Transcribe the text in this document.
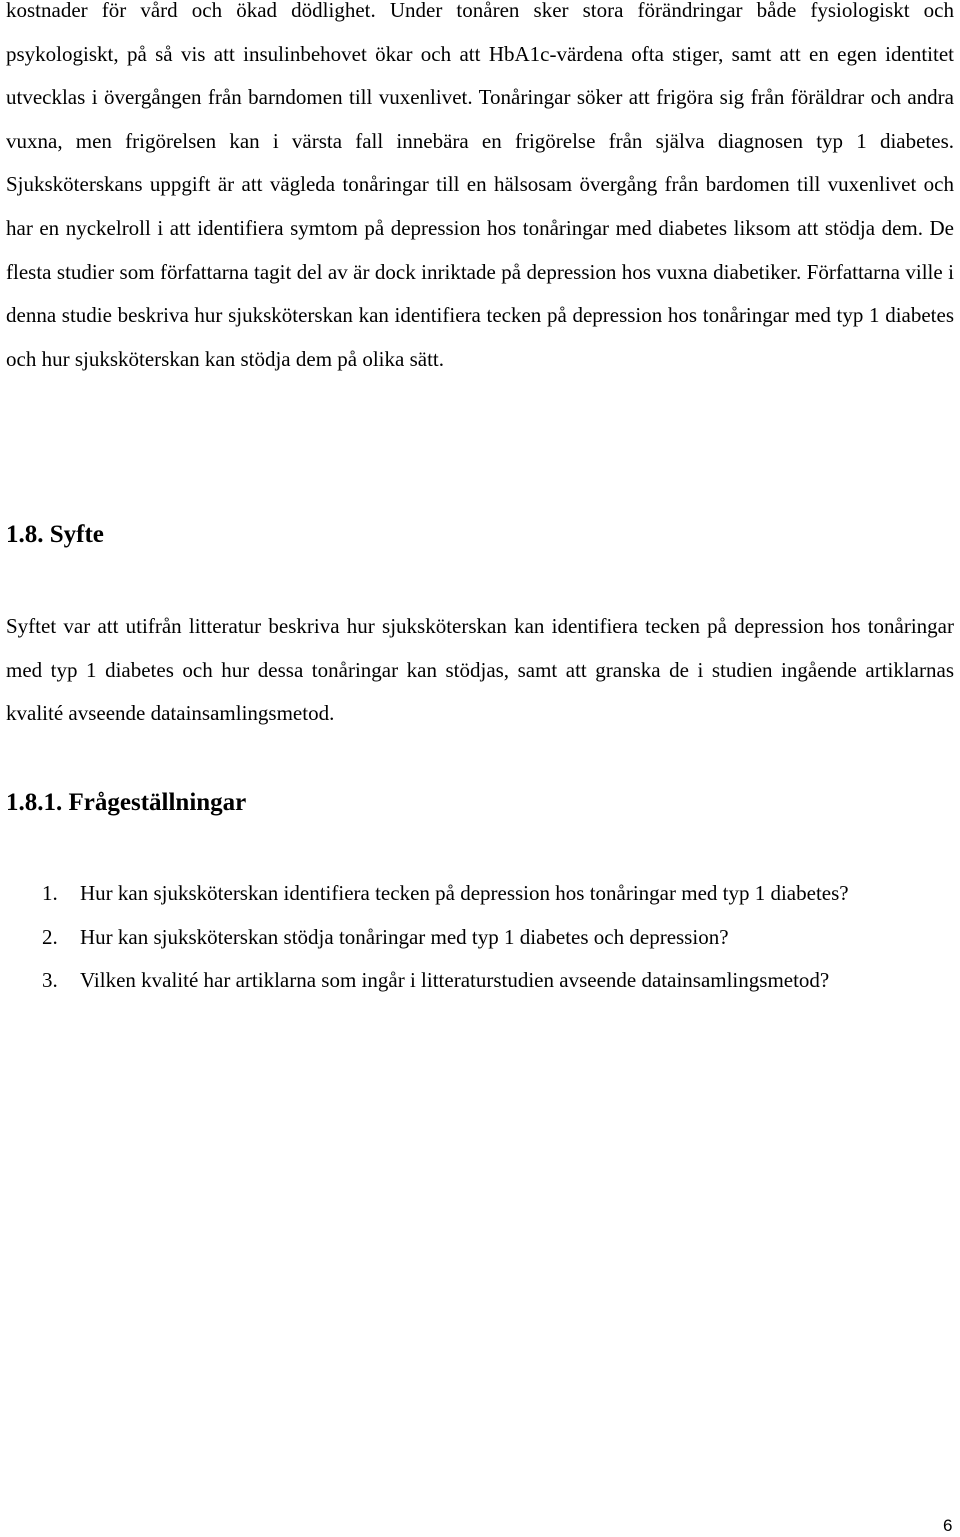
kostnader för vård och ökad dödlighet. Under tonåren sker stora förändringar både fysiologiskt och psykologiskt, på så vis att insulinbehovet ökar och att HbA1c-värdena ofta stiger, samt att en egen identitet utvecklas i övergången från barndomen till vuxenlivet. Tonåringar söker att frigöra sig från föräldrar och andra vuxna, men frigörelsen kan i värsta fall innebära en frigörelse från själva diagnosen typ 1 diabetes. Sjuksköterskans uppgift är att vägleda tonåringar till en hälsosam övergång från bardomen till vuxenlivet och har en nyckelroll i att identifiera symtom på depression hos tonåringar med diabetes liksom att stödja dem. De flesta studier som författarna tagit del av är dock inriktade på depression hos vuxna diabetiker. Författarna ville i denna studie beskriva hur sjuksköterskan kan identifiera tecken på depression hos tonåringar med typ 1 diabetes och hur sjuksköterskan kan stödja dem på olika sätt.

1.8. Syfte

Syftet var att utifrån litteratur beskriva hur sjuksköterskan kan identifiera tecken på depression hos tonåringar med typ 1 diabetes och hur dessa tonåringar kan stödjas, samt att granska de i studien ingående artiklarnas kvalité avseende datainsamlingsmetod.

1.8.1. Frågeställningar
1. Hur kan sjuksköterskan identifiera tecken på depression hos tonåringar med typ 1 diabetes?
2. Hur kan sjuksköterskan stödja tonåringar med typ 1 diabetes och depression?
3. Vilken kvalité har artiklarna som ingår i litteraturstudien avseende datainsamlingsmetod?
6
